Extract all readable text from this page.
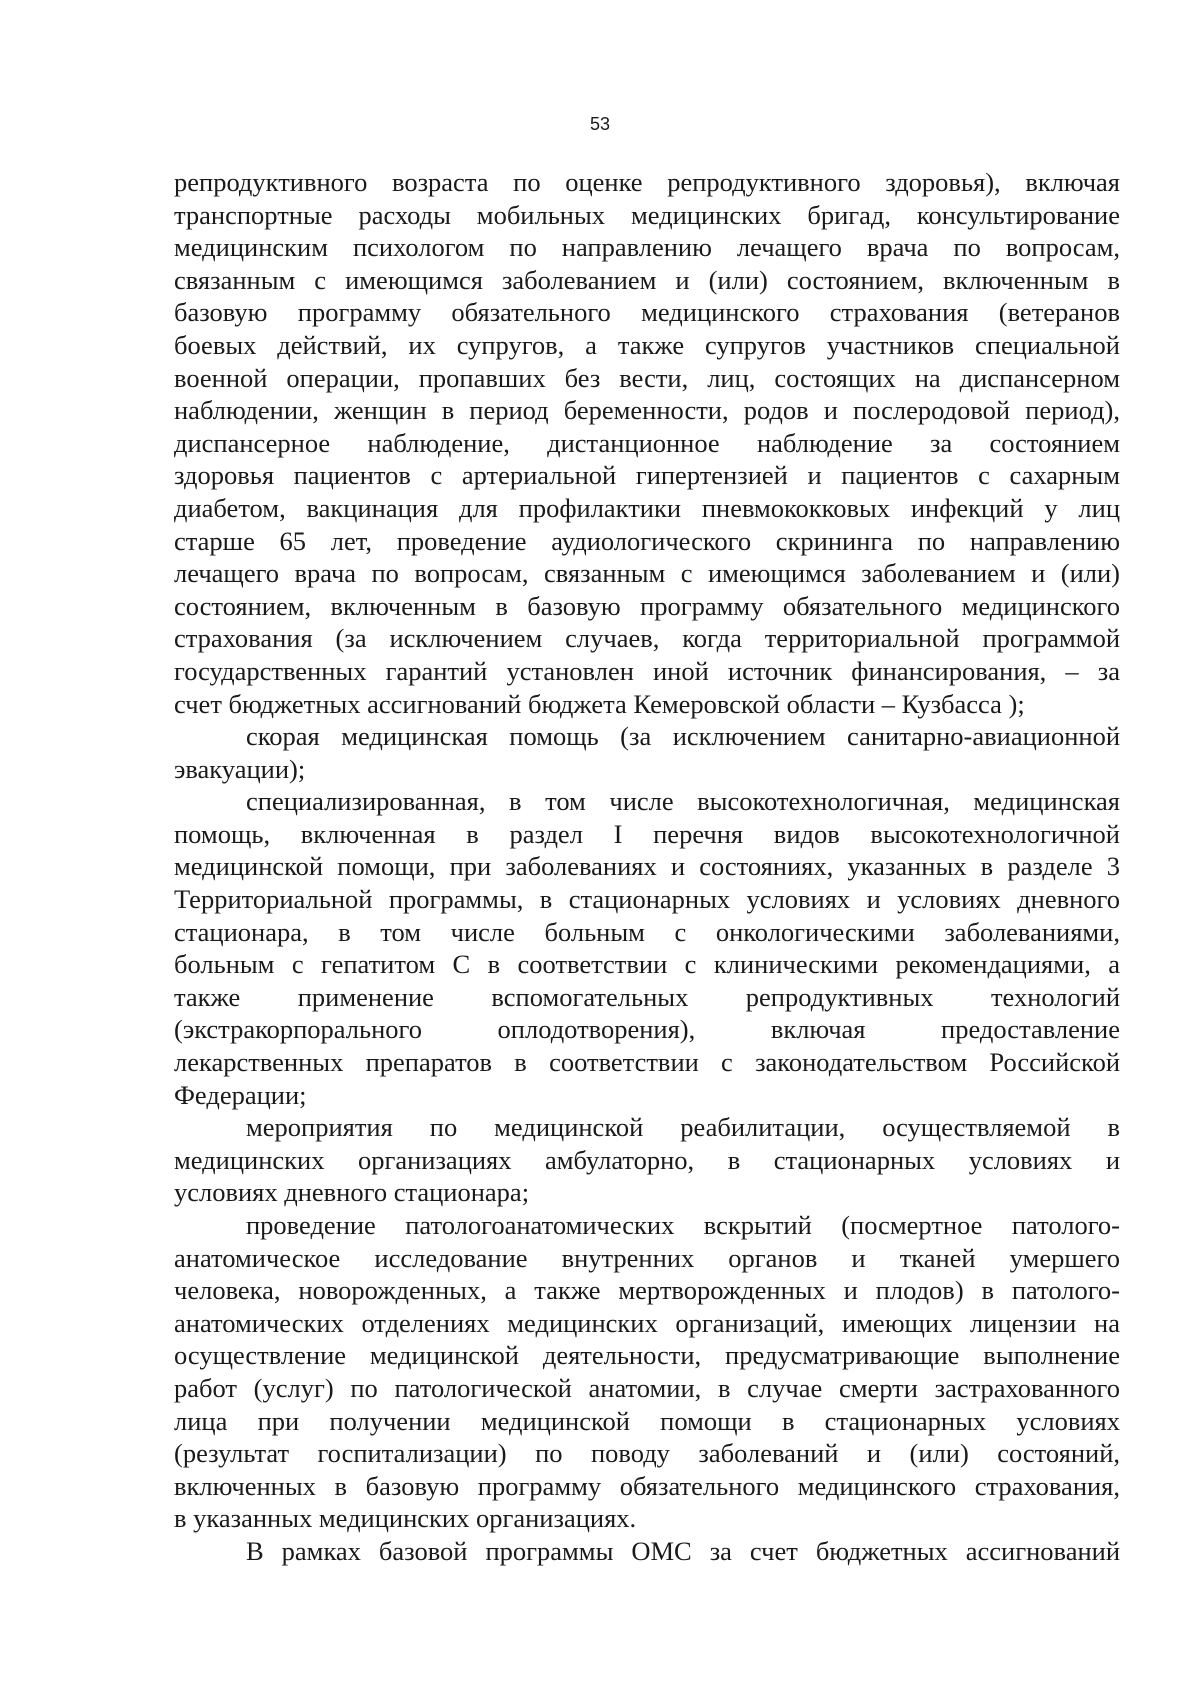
53
репродуктивного возраста по оценке репродуктивного здоровья), включая
транспортные расходы мобильных медицинских бригад, консультирование
медицинским психологом по направлению лечащего врача по вопросам,
связанным с имеющимся заболеванием и (или) состоянием, включенным в
базовую программу обязательного медицинского страхования (ветеранов
боевых действий, их супругов, а также супругов участников специальной
военной операции, пропавших без вести, лиц, состоящих на диспансерном
наблюдении, женщин в период беременности, родов и послеродовой период),
диспансерное наблюдение, дистанционное наблюдение за состоянием
здоровья пациентов с артериальной гипертензией и пациентов с сахарным
диабетом, вакцинация для профилактики пневмококковых инфекций у лиц
старше 65 лет, проведение аудиологического скрининга по направлению
лечащего врача по вопросам, связанным с имеющимся заболеванием и (или)
состоянием, включенным в базовую программу обязательного медицинского
страхования (за исключением случаев, когда территориальной программой
государственных гарантий установлен иной источник финансирования, – за
счет бюджетных ассигнований бюджета Кемеровской области – Кузбасса );
скорая медицинская помощь (за исключением санитарно-авиационной
эвакуации);
специализированная, в том числе высокотехнологичная, медицинская
помощь, включенная в раздел I перечня видов высокотехнологичной
медицинской помощи, при заболеваниях и состояниях, указанных в разделе 3
Территориальной программы, в стационарных условиях и условиях дневного
стационара, в том числе больным с онкологическими заболеваниями,
больным с гепатитом С в соответствии с клиническими рекомендациями, а
также применение вспомогательных репродуктивных технологий
(экстракорпорального оплодотворения), включая предоставление
лекарственных препаратов в соответствии с законодательством Российской
Федерации;
мероприятия по медицинской реабилитации, осуществляемой в
медицинских организациях амбулаторно, в стационарных условиях и
условиях дневного стационара;
проведение патологоанатомических вскрытий (посмертное патолого-
анатомическое исследование внутренних органов и тканей умершего
человека, новорожденных, а также мертворожденных и плодов) в патолого-
анатомических отделениях медицинских организаций, имеющих лицензии на
осуществление медицинской деятельности, предусматривающие выполнение
работ (услуг) по патологической анатомии, в случае смерти застрахованного
лица при получении медицинской помощи в стационарных условиях
(результат госпитализации) по поводу заболеваний и (или) состояний,
включенных в базовую программу обязательного медицинского страхования,
в указанных медицинских организациях.
В рамках базовой программы ОМС за счет бюджетных ассигнований
